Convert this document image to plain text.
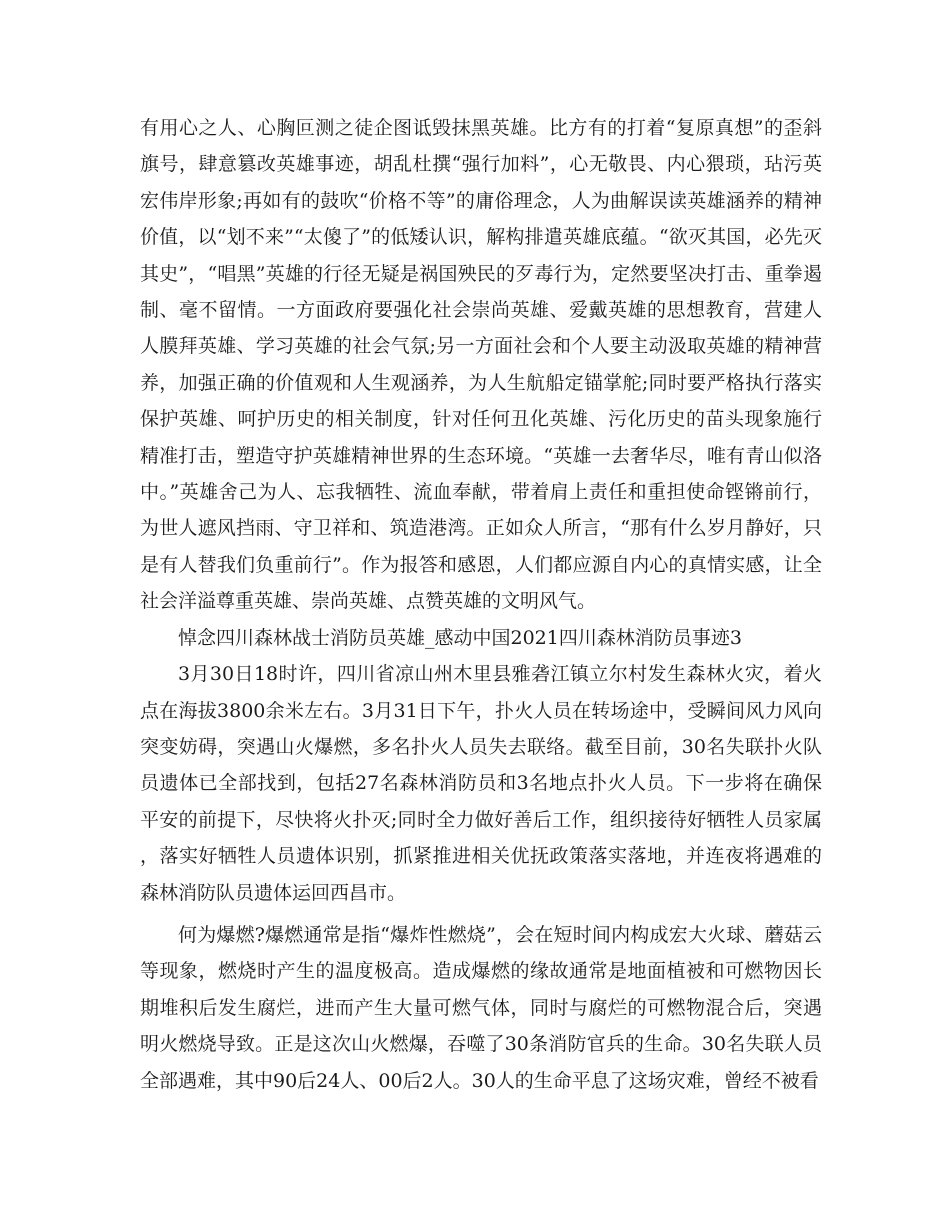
有用心之人、心胸叵测之徒企图诋毁抹黑英雄。比方有的打着“复原真想”的歪斜旗号，肆意篡改英雄事迹，胡乱杜撰“强行加料”，心无敬畏、内心猥琐，玷污英宏伟岸形象;再如有的鼓吹“价格不等”的庸俗理念，人为曲解误读英雄涵养的精神价值，以“划不来”“太傻了”的低矮认识，解构排遣英雄底蕴。“欲灭其国，必先灭其史”，“唱黑”英雄的行径无疑是祸国殃民的歹毒行为，定然要坚决打击、重拳遏制、毫不留情。一方面政府要强化社会崇尚英雄、爱戴英雄的思想教育，营建人人膜拜英雄、学习英雄的社会气氛;另一方面社会和个人要主动汲取英雄的精神营养，加强正确的价值观和人生观涵养，为人生航船定锚掌舵;同时要严格执行落实保护英雄、呵护历史的相关制度，针对任何丑化英雄、污化历史的苗头现象施行精准打击，塑造守护英雄精神世界的生态环境。“英雄一去奢华尽，唯有青山似洛中。”英雄舍己为人、忘我牺牲、流血奉献，带着肩上责任和重担使命铿锵前行，为世人遮风挡雨、守卫祥和、筑造港湾。正如众人所言，“那有什么岁月静好，只是有人替我们负重前行”。作为报答和感恩，人们都应源自内心的真情实感，让全社会洋溢尊重英雄、崇尚英雄、点赞英雄的文明风气。

悼念四川森林战士消防员英雄_感动中国2021四川森林消防员事迹3

3月30日18时许，四川省凉山州木里县雅砻江镇立尔村发生森林火灾，着火点在海拔3800余米左右。3月31日下午，扑火人员在转场途中，受瞬间风力风向突变妨碍，突遇山火爆燃，多名扑火人员失去联络。截至目前，30名失联扑火队员遗体已全部找到，包括27名森林消防员和3名地点扑火人员。下一步将在确保平安的前提下，尽快将火扑灭;同时全力做好善后工作，组织接待好牺牲人员家属，落实好牺牲人员遗体识别，抓紧推进相关优抚政策落实落地，并连夜将遇难的森林消防队员遗体运回西昌市。

何为爆燃?爆燃通常是指“爆炸性燃烧”，会在短时间内构成宏大火球、蘑菇云等现象，燃烧时产生的温度极高。造成爆燃的缘故通常是地面植被和可燃物因长期堆积后发生腐烂，进而产生大量可燃气体，同时与腐烂的可燃物混合后，突遇明火燃烧导致。正是这次山火燃爆，吞噬了30条消防官兵的生命。30名失联人员全部遇难，其中90后24人、00后2人。30人的生命平息了这场灾难，曾经不被看
